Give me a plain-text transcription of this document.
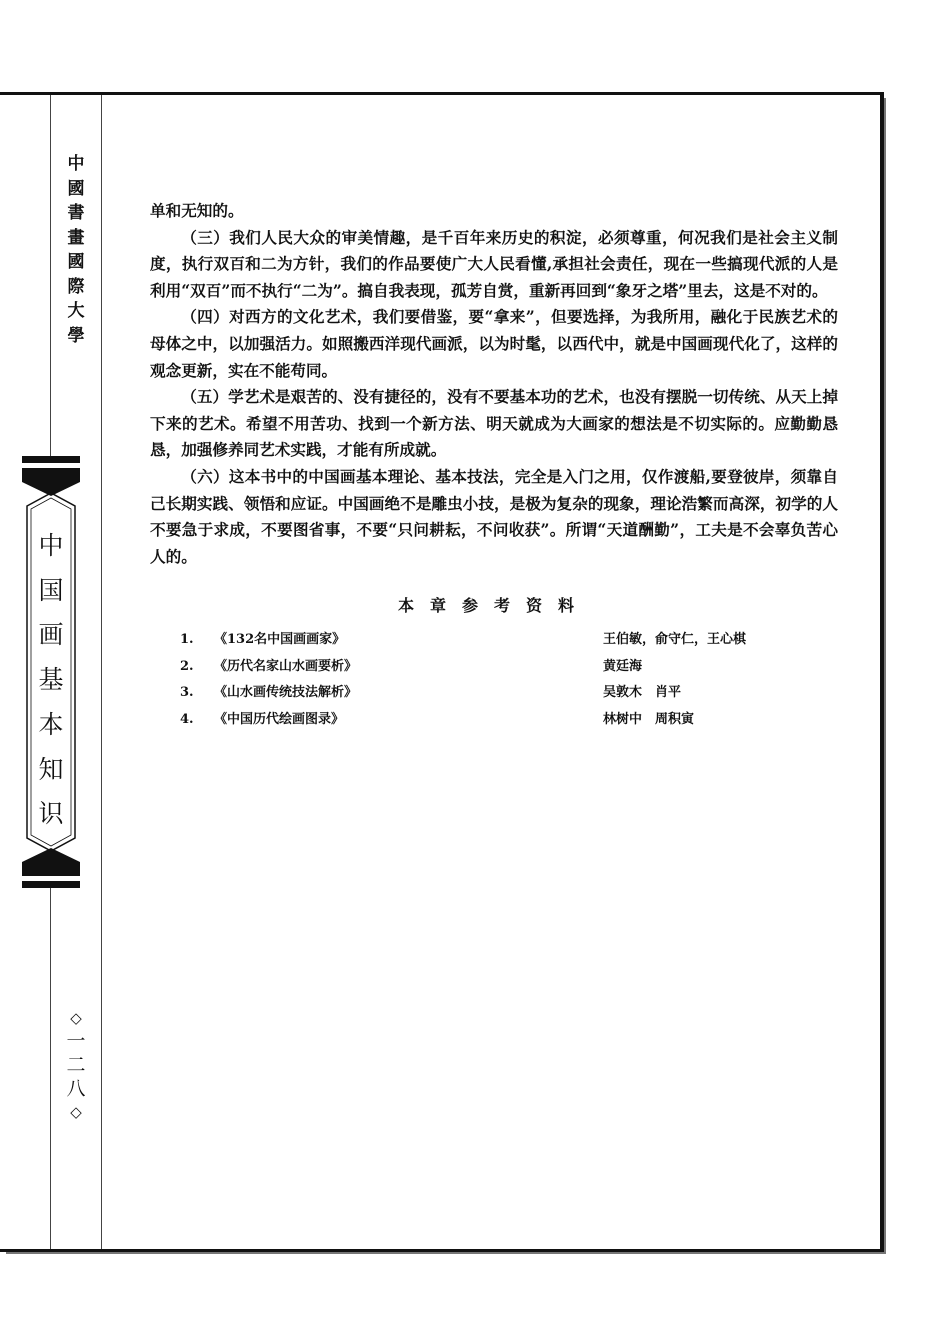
中
國
書
畫
國
際
大
學
中
国
画
基
本
知
识
◇
一
二
八
◇

单和无知的。

（三）我们人民大众的审美情趣，是千百年来历史的积淀，必须尊重，何况我们是社会主义制度，执行双百和二为方针，我们的作品要使广大人民看懂,承担社会责任，现在一些搞现代派的人是利用“双百”而不执行“二为”。搞自我表现，孤芳自赏，重新再回到“象牙之塔”里去，这是不对的。

（四）对西方的文化艺术，我们要借鉴，要“拿来”，但要选择，为我所用，融化于民族艺术的母体之中，以加强活力。如照搬西洋现代画派，以为时髦，以西代中，就是中国画现代化了，这样的观念更新，实在不能苟同。

（五）学艺术是艰苦的、没有捷径的，没有不要基本功的艺术，也没有摆脱一切传统、从天上掉下来的艺术。希望不用苦功、找到一个新方法、明天就成为大画家的想法是不切实际的。应勤勤恳恳，加强修养同艺术实践，才能有所成就。

（六）这本书中的中国画基本理论、基本技法，完全是入门之用，仅作渡船,要登彼岸，须靠自己长期实践、领悟和应证。中国画绝不是雕虫小技，是极为复杂的现象，理论浩繁而高深，初学的人不要急于求成，不要图省事，不要“只问耕耘，不问收获”。所谓“天道酬勤”，工夫是不会辜负苦心人的。

本章参考资料
1. 《132名中国画画家》	王伯敏，俞守仁，王心棋
2. 《历代名家山水画要析》	黄廷海
3. 《山水画传统技法解析》	吴敦木　肖平
4. 《中国历代绘画图录》	林树中　周积寅
